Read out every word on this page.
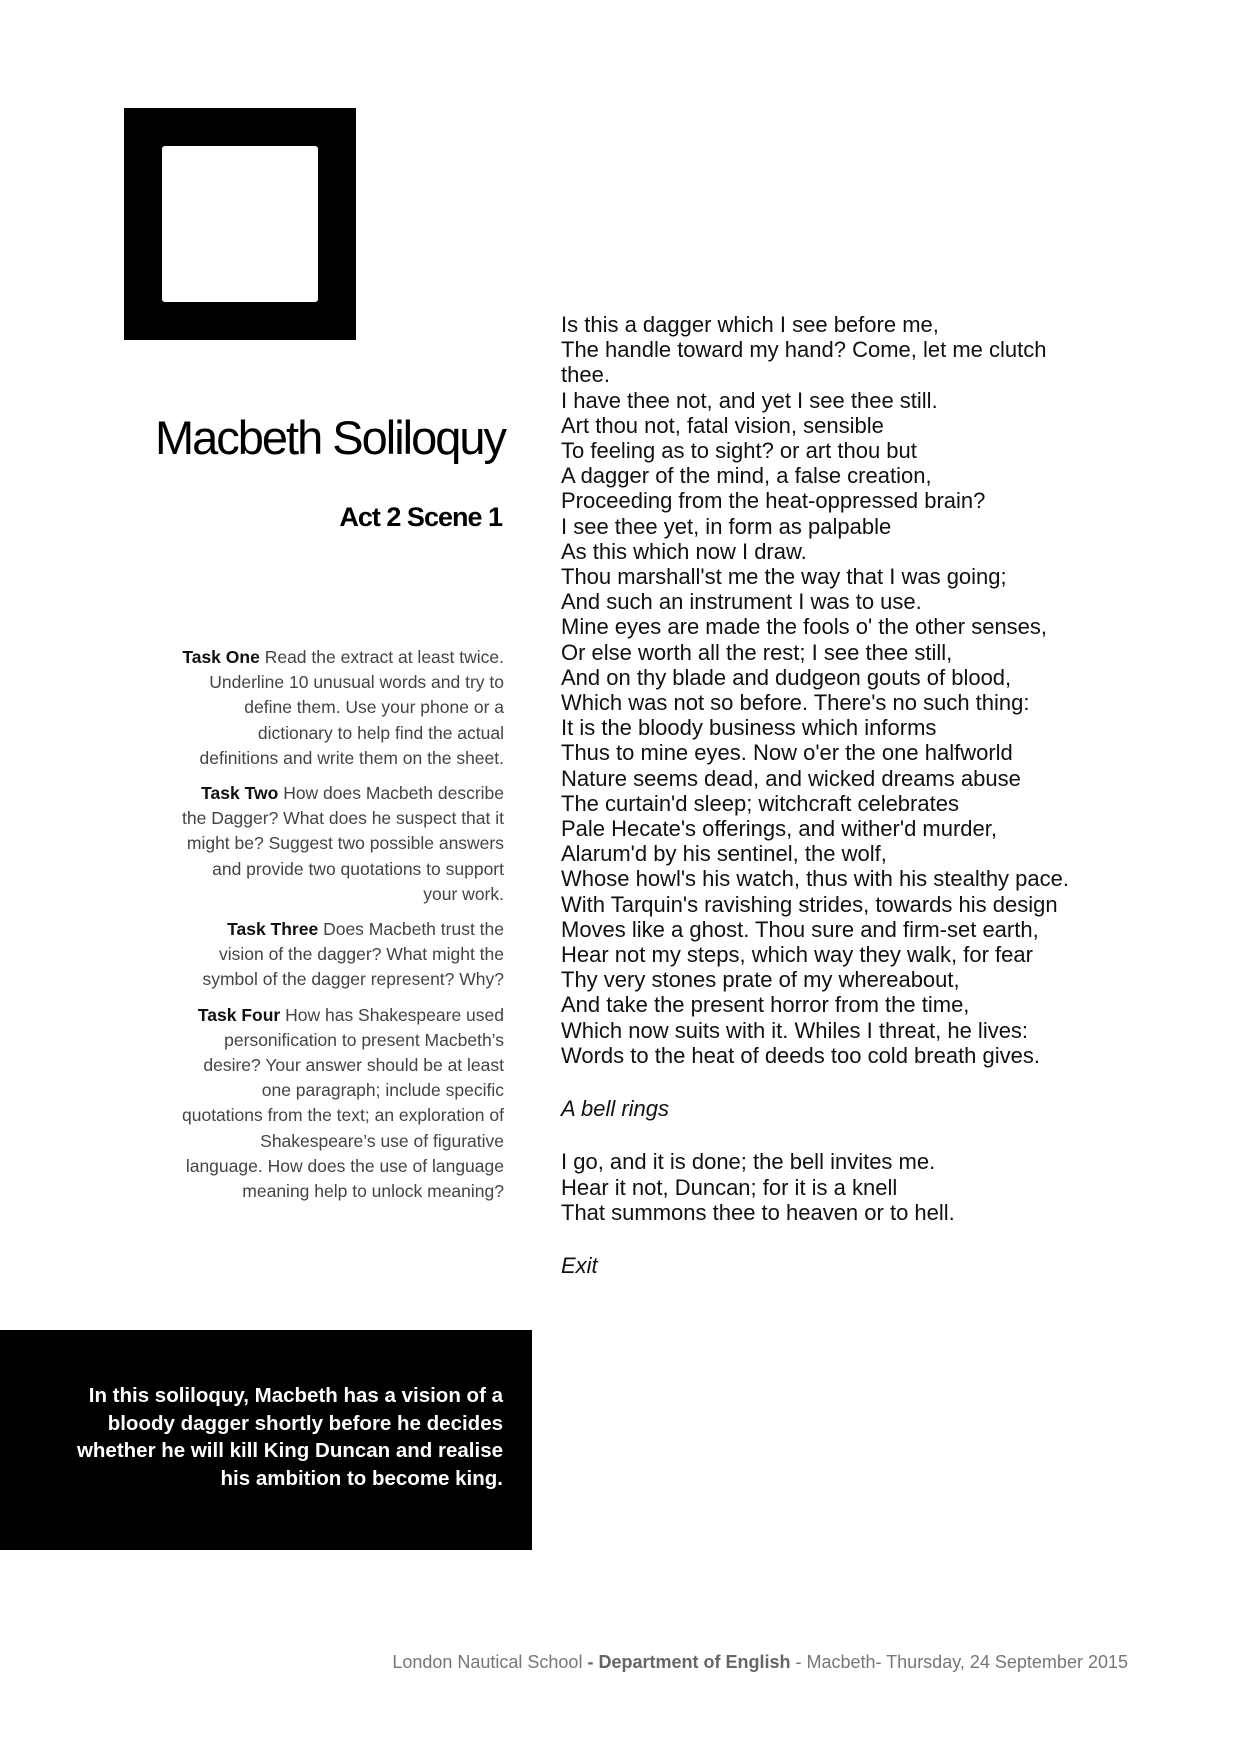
Macbeth Soliloquy
Act 2 Scene 1

Task One Read the extract at least twice. Underline 10 unusual words and try to define them. Use your phone or a dictionary to help find the actual definitions and write them on the sheet.

Task Two How does Macbeth describe the Dagger? What does he suspect that it might be? Suggest two possible answers and provide two quotations to support your work.

Task Three Does Macbeth trust the vision of the dagger? What might the symbol of the dagger represent? Why?

Task Four How has Shakespeare used personification to present Macbeth’s desire? Your answer should be at least one paragraph; include specific quotations from the text; an exploration of Shakespeare’s use of figurative language. How does the use of language meaning help to unlock meaning?

In this soliloquy, Macbeth has a vision of a bloody dagger shortly before he decides whether he will kill King Duncan and realise his ambition to become king.

Is this a dagger which I see before me,
The handle toward my hand? Come, let me clutch
thee.
I have thee not, and yet I see thee still.
Art thou not, fatal vision, sensible
To feeling as to sight? or art thou but
A dagger of the mind, a false creation,
Proceeding from the heat-oppressed brain?
I see thee yet, in form as palpable
As this which now I draw.
Thou marshall'st me the way that I was going;
And such an instrument I was to use.
Mine eyes are made the fools o' the other senses,
Or else worth all the rest; I see thee still,
And on thy blade and dudgeon gouts of blood,
Which was not so before. There's no such thing:
It is the bloody business which informs
Thus to mine eyes. Now o'er the one halfworld
Nature seems dead, and wicked dreams abuse
The curtain'd sleep; witchcraft celebrates
Pale Hecate's offerings, and wither'd murder,
Alarum'd by his sentinel, the wolf,
Whose howl's his watch, thus with his stealthy pace.
With Tarquin's ravishing strides, towards his design
Moves like a ghost. Thou sure and firm-set earth,
Hear not my steps, which way they walk, for fear
Thy very stones prate of my whereabout,
And take the present horror from the time,
Which now suits with it. Whiles I threat, he lives:
Words to the heat of deeds too cold breath gives.
A bell rings
I go, and it is done; the bell invites me.
Hear it not, Duncan; for it is a knell
That summons thee to heaven or to hell.
Exit
London Nautical School - Department of English - Macbeth- Thursday, 24 September 2015
